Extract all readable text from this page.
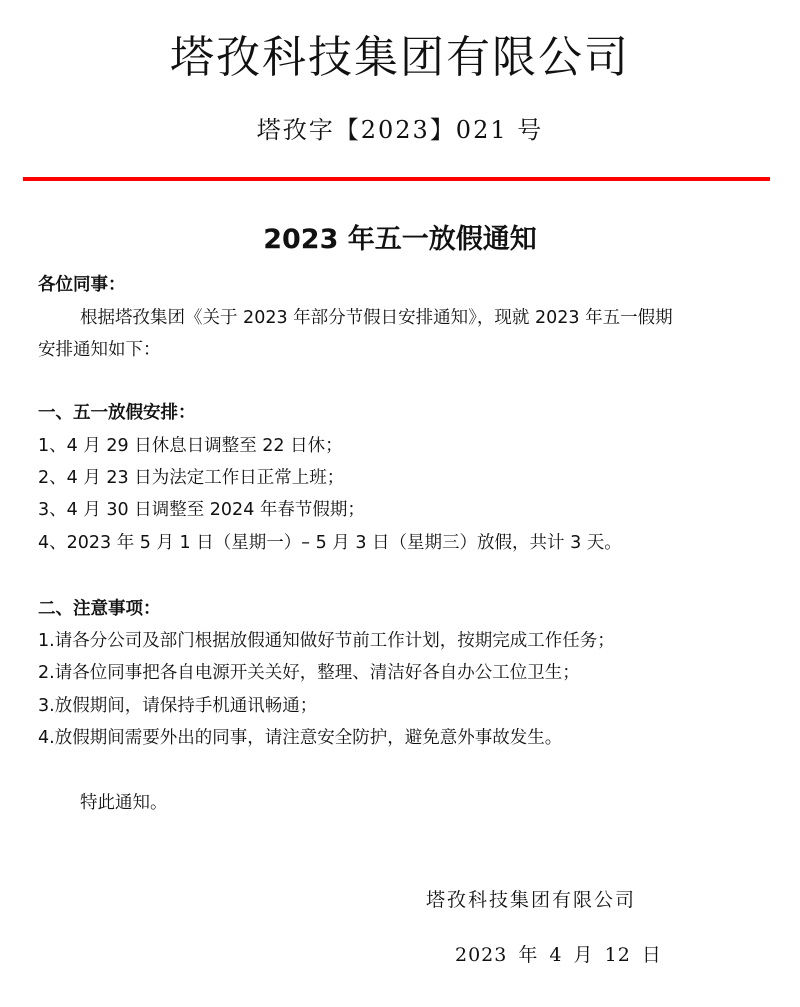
塔孜科技集团有限公司
塔孜字【2023】021 号
2023 年五一放假通知
各位同事：
根据塔孜集团《关于 2023 年部分节假日安排通知》，现就 2023 年五一假期
安排通知如下：
一、五一放假安排：
1、4 月 29 日休息日调整至 22 日休；
2、4 月 23 日为法定工作日正常上班；
3、4 月 30 日调整至 2024 年春节假期；
4、2023 年 5 月 1 日（星期一）– 5 月 3 日（星期三）放假，共计 3 天。
二、注意事项：
1.请各分公司及部门根据放假通知做好节前工作计划，按期完成工作任务；
2.请各位同事把各自电源开关关好，整理、清洁好各自办公工位卫生；
3.放假期间，请保持手机通讯畅通；
4.放假期间需要外出的同事，请注意安全防护，避免意外事故发生。
特此通知。
塔孜科技集团有限公司
2023 年 4 月 12 日
